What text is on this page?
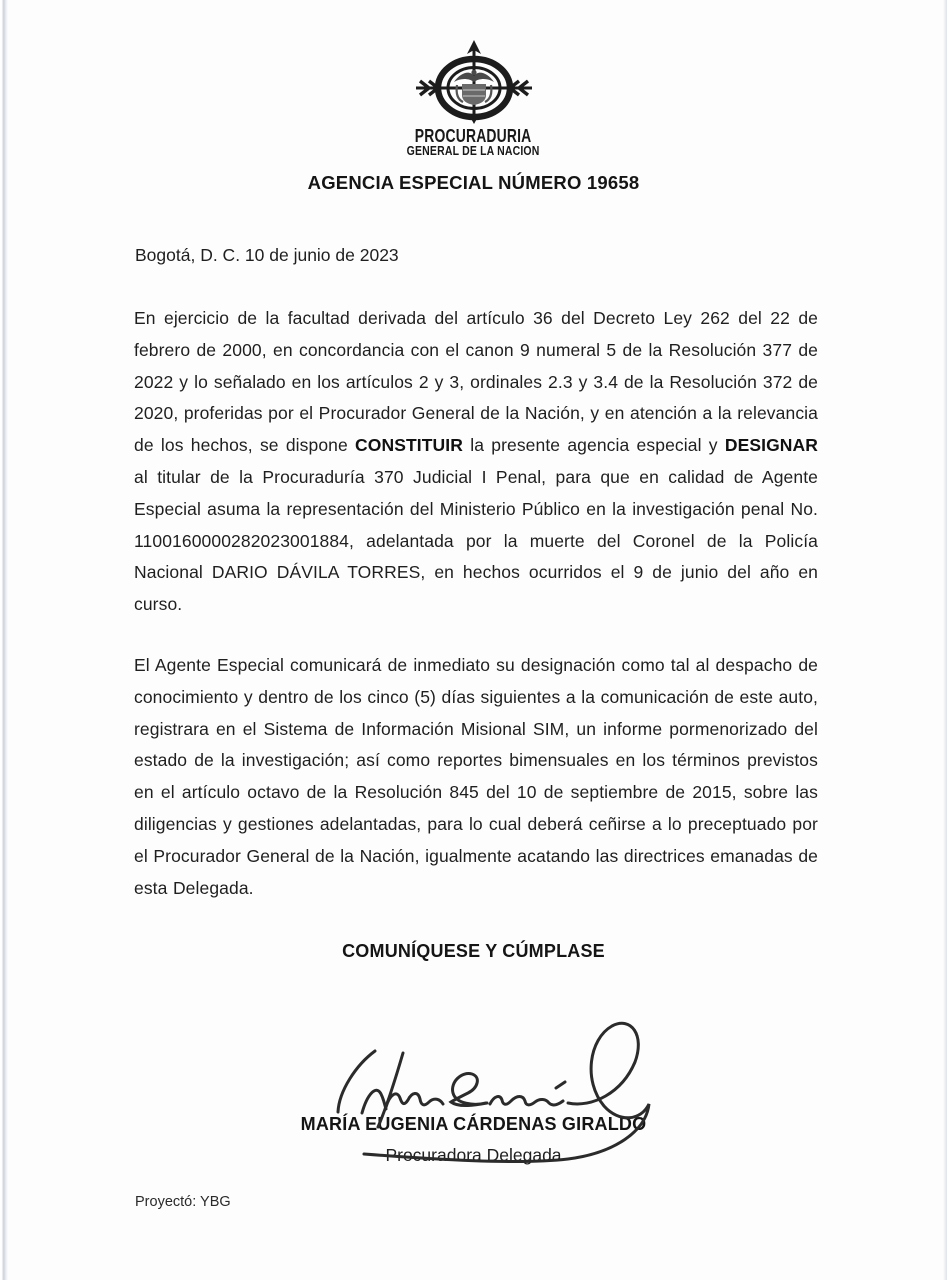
PROCURADURIA
GENERAL DE LA NACION
AGENCIA ESPECIAL NÚMERO 19658
Bogotá, D. C. 10 de junio de 2023
En ejercicio de la facultad derivada del artículo 36 del Decreto Ley 262 del 22 de febrero de 2000, en concordancia con el canon 9 numeral 5 de la Resolución 377 de 2022 y lo señalado en los artículos 2 y 3, ordinales 2.3 y 3.4 de la Resolución 372 de 2020, proferidas por el Procurador General de la Nación, y en atención a la relevancia de los hechos, se dispone CONSTITUIR la presente agencia especial y DESIGNAR al titular de la Procuraduría 370 Judicial I Penal, para que en calidad de Agente Especial asuma la representación del Ministerio Público en la investigación penal No. 1100160000282023001884, adelantada por la muerte del Coronel de la Policía Nacional DARIO DÁVILA TORRES, en hechos ocurridos el 9 de junio del año en curso.
El Agente Especial comunicará de inmediato su designación como tal al despacho de conocimiento y dentro de los cinco (5) días siguientes a la comunicación de este auto, registrara en el Sistema de Información Misional SIM, un informe pormenorizado del estado de la investigación; así como reportes bimensuales en los términos previstos en el artículo octavo de la Resolución 845 del 10 de septiembre de 2015, sobre las diligencias y gestiones adelantadas, para lo cual deberá ceñirse a lo preceptuado por el Procurador General de la Nación, igualmente acatando las directrices emanadas de esta Delegada.
COMUNÍQUESE Y CÚMPLASE
MARÍA EUGENIA CÁRDENAS GIRALDO
Procuradora Delegada
Proyectó: YBG
